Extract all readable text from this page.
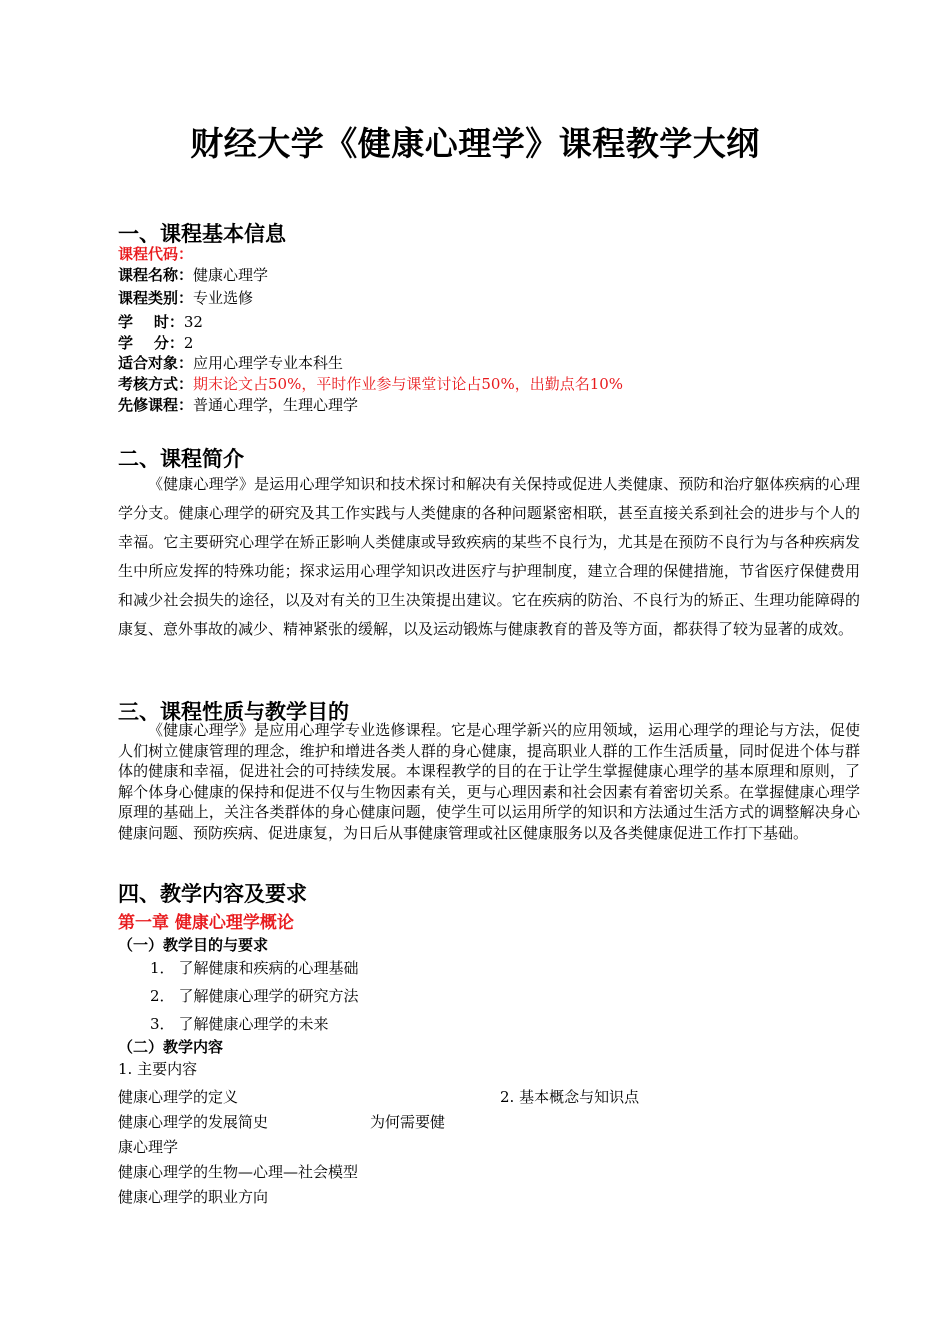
财经大学《健康心理学》课程教学大纲
一、课程基本信息
课程代码：
课程名称：健康心理学
课程类别：专业选修
学    时：32
学    分：2
适合对象：应用心理学专业本科生
考核方式：期末论文占50%，平时作业参与课堂讨论占50%，出勤点名10%
先修课程：普通心理学，生理心理学
二、课程简介
《健康心理学》是运用心理学知识和技术探讨和解决有关保持或促进人类健康、预防和治疗躯体疾病的心理学分支。健康心理学的研究及其工作实践与人类健康的各种问题紧密相联，甚至直接关系到社会的进步与个人的幸福。它主要研究心理学在矫正影响人类健康或导致疾病的某些不良行为，尤其是在预防不良行为与各种疾病发生中所应发挥的特殊功能；探求运用心理学知识改进医疗与护理制度，建立合理的保健措施，节省医疗保健费用和减少社会损失的途径，以及对有关的卫生决策提出建议。它在疾病的防治、不良行为的矫正、生理功能障碍的康复、意外事故的减少、精神紧张的缓解，以及运动锻炼与健康教育的普及等方面，都获得了较为显著的成效。
三、课程性质与教学目的
《健康心理学》是应用心理学专业选修课程。它是心理学新兴的应用领域，运用心理学的理论与方法，促使人们树立健康管理的理念，维护和增进各类人群的身心健康，提高职业人群的工作生活质量，同时促进个体与群体的健康和幸福，促进社会的可持续发展。本课程教学的目的在于让学生掌握健康心理学的基本原理和原则，了解个体身心健康的保持和促进不仅与生物因素有关，更与心理因素和社会因素有着密切关系。在掌握健康心理学原理的基础上，关注各类群体的身心健康问题，使学生可以运用所学的知识和方法通过生活方式的调整解决身心健康问题、预防疾病、促进康复，为日后从事健康管理或社区健康服务以及各类健康促进工作打下基础。
四、教学内容及要求
第一章 健康心理学概论
（一）教学目的与要求
1． 了解健康和疾病的心理基础
2． 了解健康心理学的研究方法
3． 了解健康心理学的未来
（二）教学内容
1. 主要内容
健康心理学的定义	2. 基本概念与知识点
健康心理学的发展简史	为何需要健
康心理学
健康心理学的生物—心理—社会模型
健康心理学的职业方向
